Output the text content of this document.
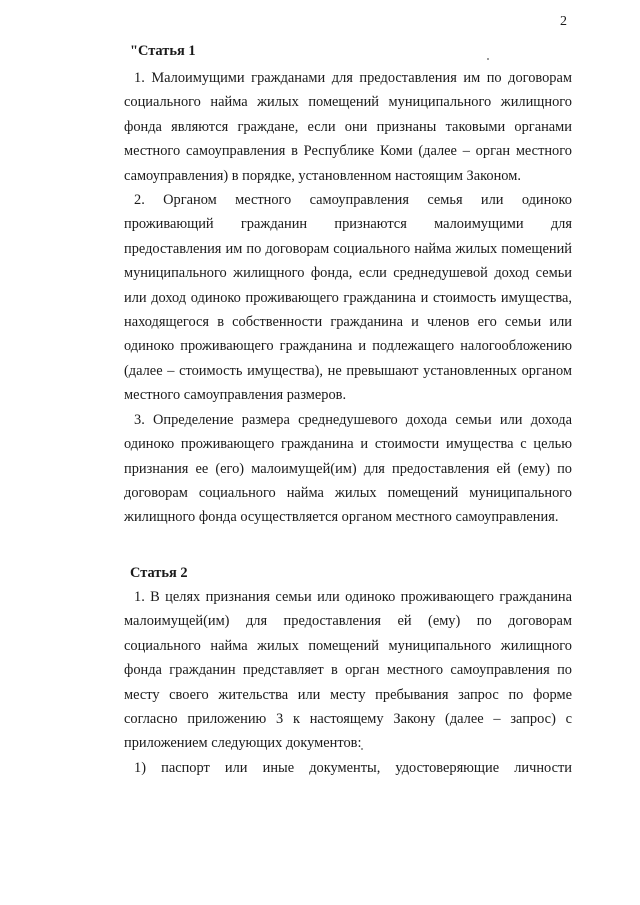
2
"Статья 1

1. Малоимущими гражданами для предоставления им по договорам социального найма жилых помещений муниципального жилищного фонда являются граждане, если они признаны таковыми органами местного самоуправления в Республике Коми (далее – орган местного самоуправления) в порядке, установленном настоящим Законом.

2. Органом местного самоуправления семья или одиноко проживающий гражданин признаются малоимущими для предоставления им по договорам социального найма жилых помещений муниципального жилищного фонда, если среднедушевой доход семьи или доход одиноко проживающего гражданина и стоимость имущества, находящегося в собственности гражданина и членов его семьи или одиноко проживающего гражданина и подлежащего налогообложению (далее – стоимость имущества), не превышают установленных органом местного самоуправления размеров.

3. Определение размера среднедушевого дохода семьи или дохода одиноко проживающего гражданина и стоимости имущества с целью признания ее (его) малоимущей(им) для предоставления ей (ему) по договорам социального найма жилых помещений муниципального жилищного фонда осуществляется органом местного самоуправления.

Статья 2

1. В целях признания семьи или одиноко проживающего гражданина малоимущей(им) для предоставления ей (ему) по договорам социального найма жилых помещений муниципального жилищного фонда гражданин представляет в орган местного самоуправления по месту своего жительства или месту пребывания запрос по форме согласно приложению 3 к настоящему Закону (далее – запрос) с приложением следующих документов:

1) паспорт или иные документы, удостоверяющие личности
